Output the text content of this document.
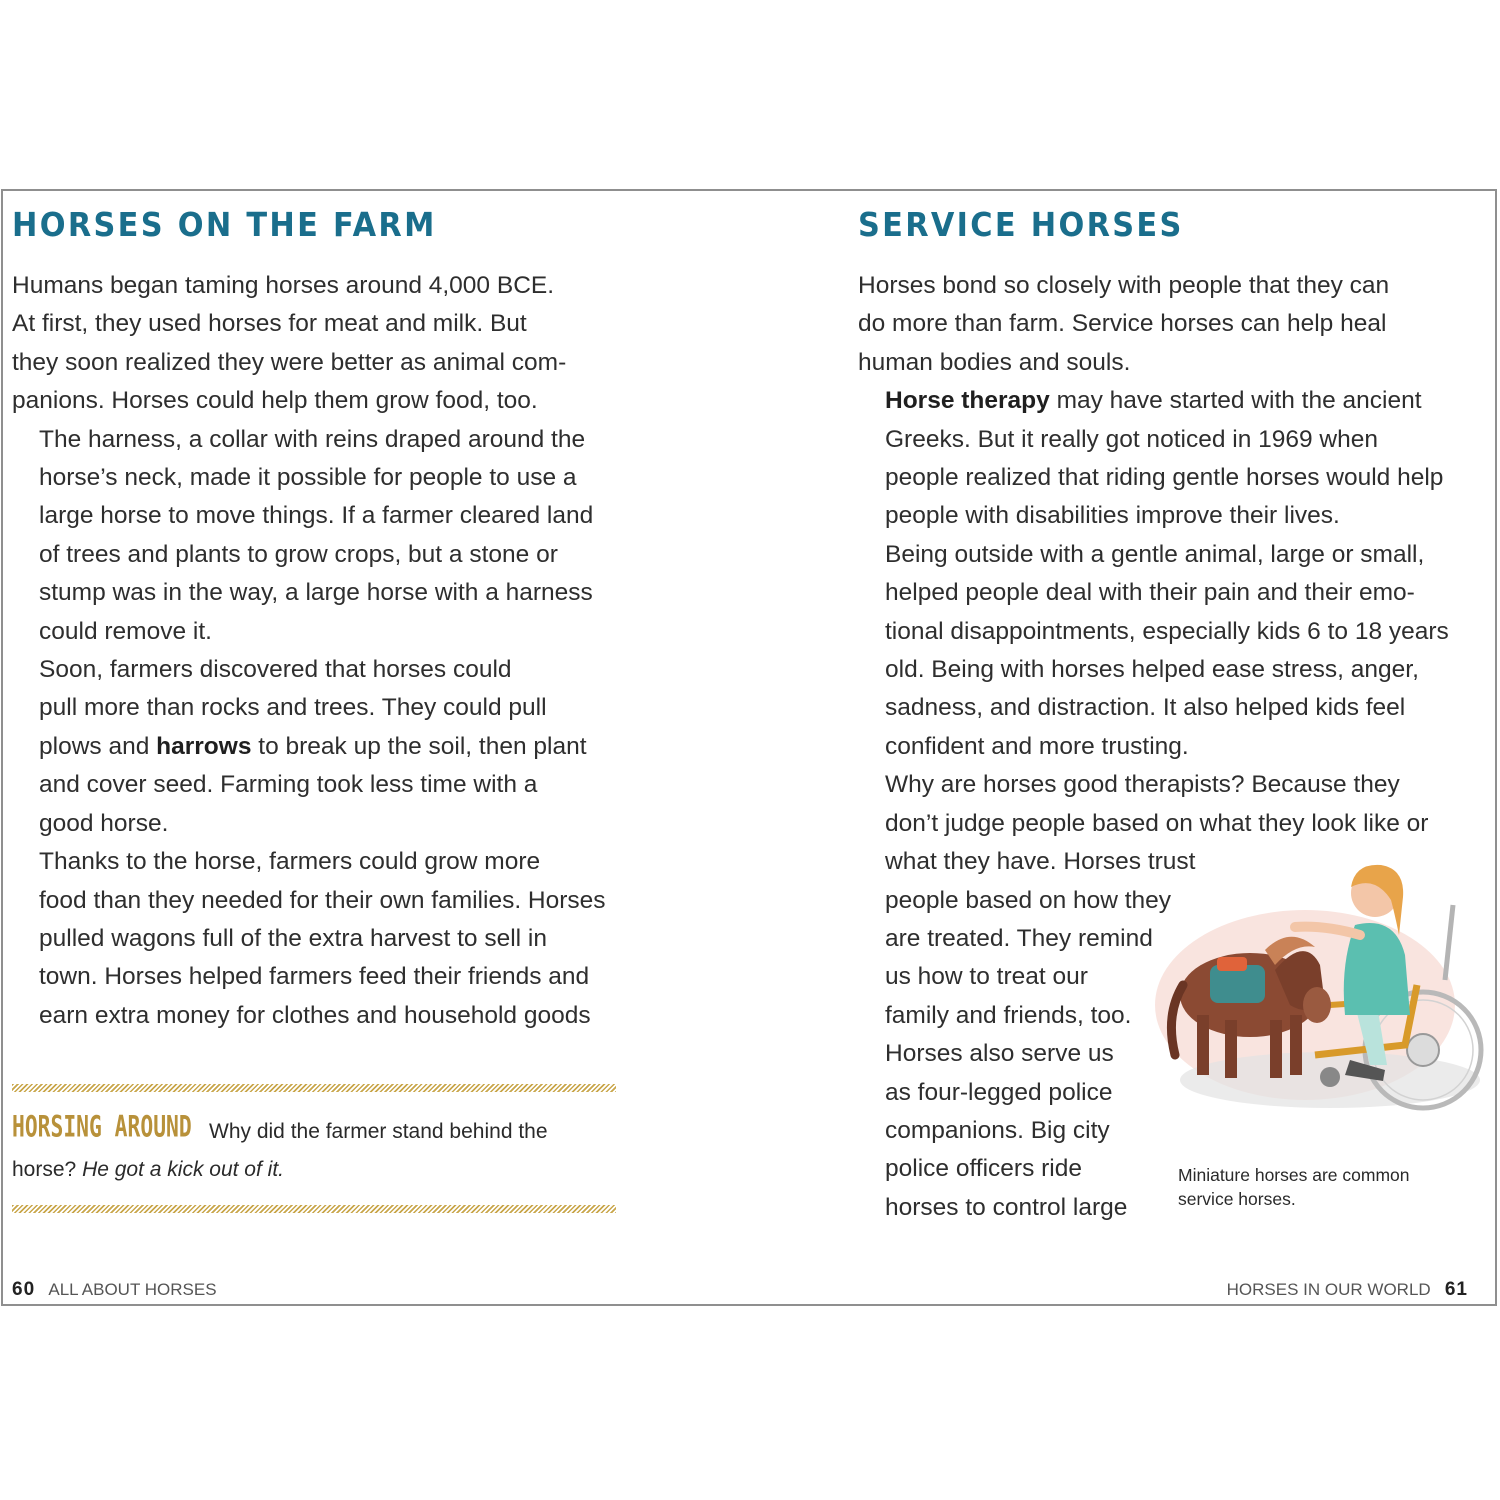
HORSES ON THE FARM

Humans began taming horses around 4,000 BCE.
At first, they used horses for meat and milk. But
they soon realized they were better as animal com-
panions. Horses could help them grow food, too.

The harness, a collar with reins draped around the
horse’s neck, made it possible for people to use a
large horse to move things. If a farmer cleared land
of trees and plants to grow crops, but a stone or
stump was in the way, a large horse with a harness
could remove it.

Soon, farmers discovered that horses could
pull more than rocks and trees. They could pull
plows and harrows to break up the soil, then plant
and cover seed. Farming took less time with a
good horse.

Thanks to the horse, farmers could grow more
food than they needed for their own families. Horses
pulled wagons full of the extra harvest to sell in
town. Horses helped farmers feed their friends and
earn extra money for clothes and household goods

HORSING AROUND Why did the farmer stand behind the horse? He got a kick out of it.
60 ALL ABOUT HORSES
SERVICE HORSES

Horses bond so closely with people that they can
do more than farm. Service horses can help heal
human bodies and souls.

Horse therapy may have started with the ancient
Greeks. But it really got noticed in 1969 when
people realized that riding gentle horses would help
people with disabilities improve their lives.

Being outside with a gentle animal, large or small,
helped people deal with their pain and their emo-
tional disappointments, especially kids 6 to 18 years
old. Being with horses helped ease stress, anger,
sadness, and distraction. It also helped kids feel
confident and more trusting.

Why are horses good therapists? Because they
don’t judge people based on what they look like or
what they have. Horses trust
people based on how they
are treated. They remind
us how to treat our
family and friends, too.

Horses also serve us
as four-legged police
companions. Big city
police officers ride
horses to control large

Miniature horses are common service horses.
HORSES IN OUR WORLD 61
